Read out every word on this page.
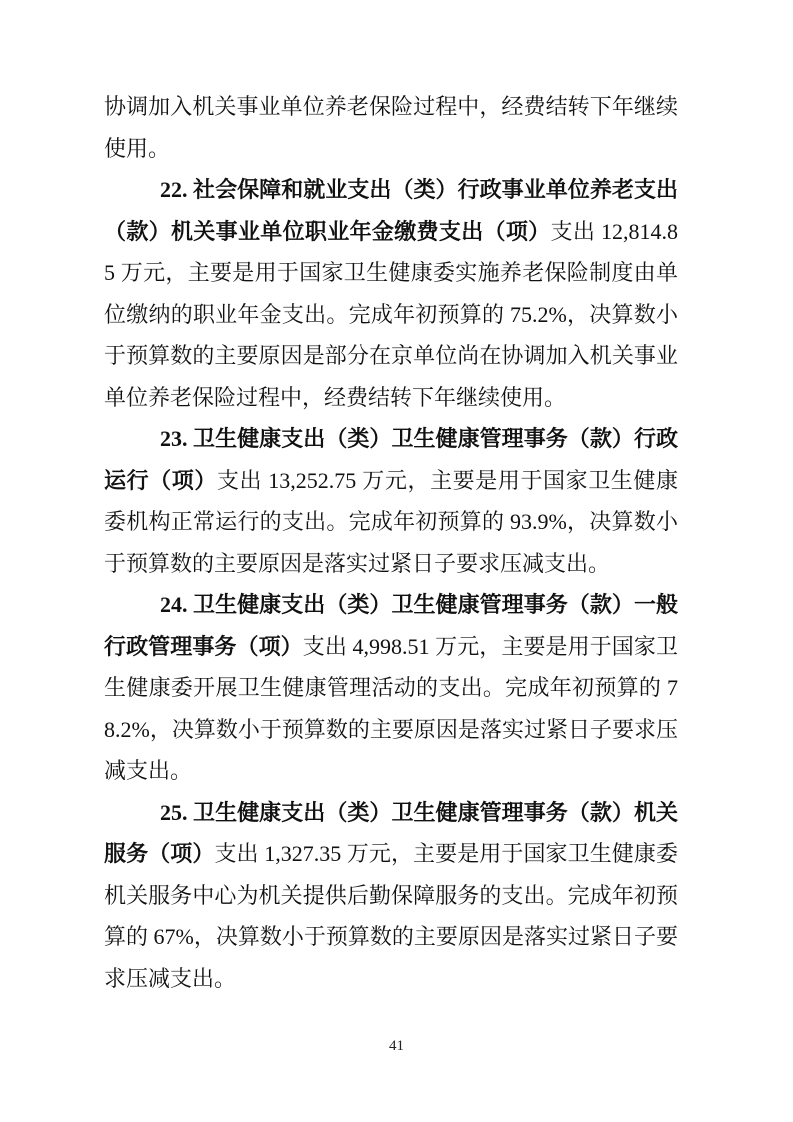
协调加入机关事业单位养老保险过程中，经费结转下年继续使用。

22. 社会保障和就业支出（类）行政事业单位养老支出（款）机关事业单位职业年金缴费支出（项）支出 12,814.85 万元，主要是用于国家卫生健康委实施养老保险制度由单位缴纳的职业年金支出。完成年初预算的 75.2%，决算数小于预算数的主要原因是部分在京单位尚在协调加入机关事业单位养老保险过程中，经费结转下年继续使用。

23. 卫生健康支出（类）卫生健康管理事务（款）行政运行（项）支出 13,252.75 万元，主要是用于国家卫生健康委机构正常运行的支出。完成年初预算的 93.9%，决算数小于预算数的主要原因是落实过紧日子要求压减支出。

24. 卫生健康支出（类）卫生健康管理事务（款）一般行政管理事务（项）支出 4,998.51 万元，主要是用于国家卫生健康委开展卫生健康管理活动的支出。完成年初预算的 78.2%，决算数小于预算数的主要原因是落实过紧日子要求压减支出。

25. 卫生健康支出（类）卫生健康管理事务（款）机关服务（项）支出 1,327.35 万元，主要是用于国家卫生健康委机关服务中心为机关提供后勤保障服务的支出。完成年初预算的 67%，决算数小于预算数的主要原因是落实过紧日子要求压减支出。

41
